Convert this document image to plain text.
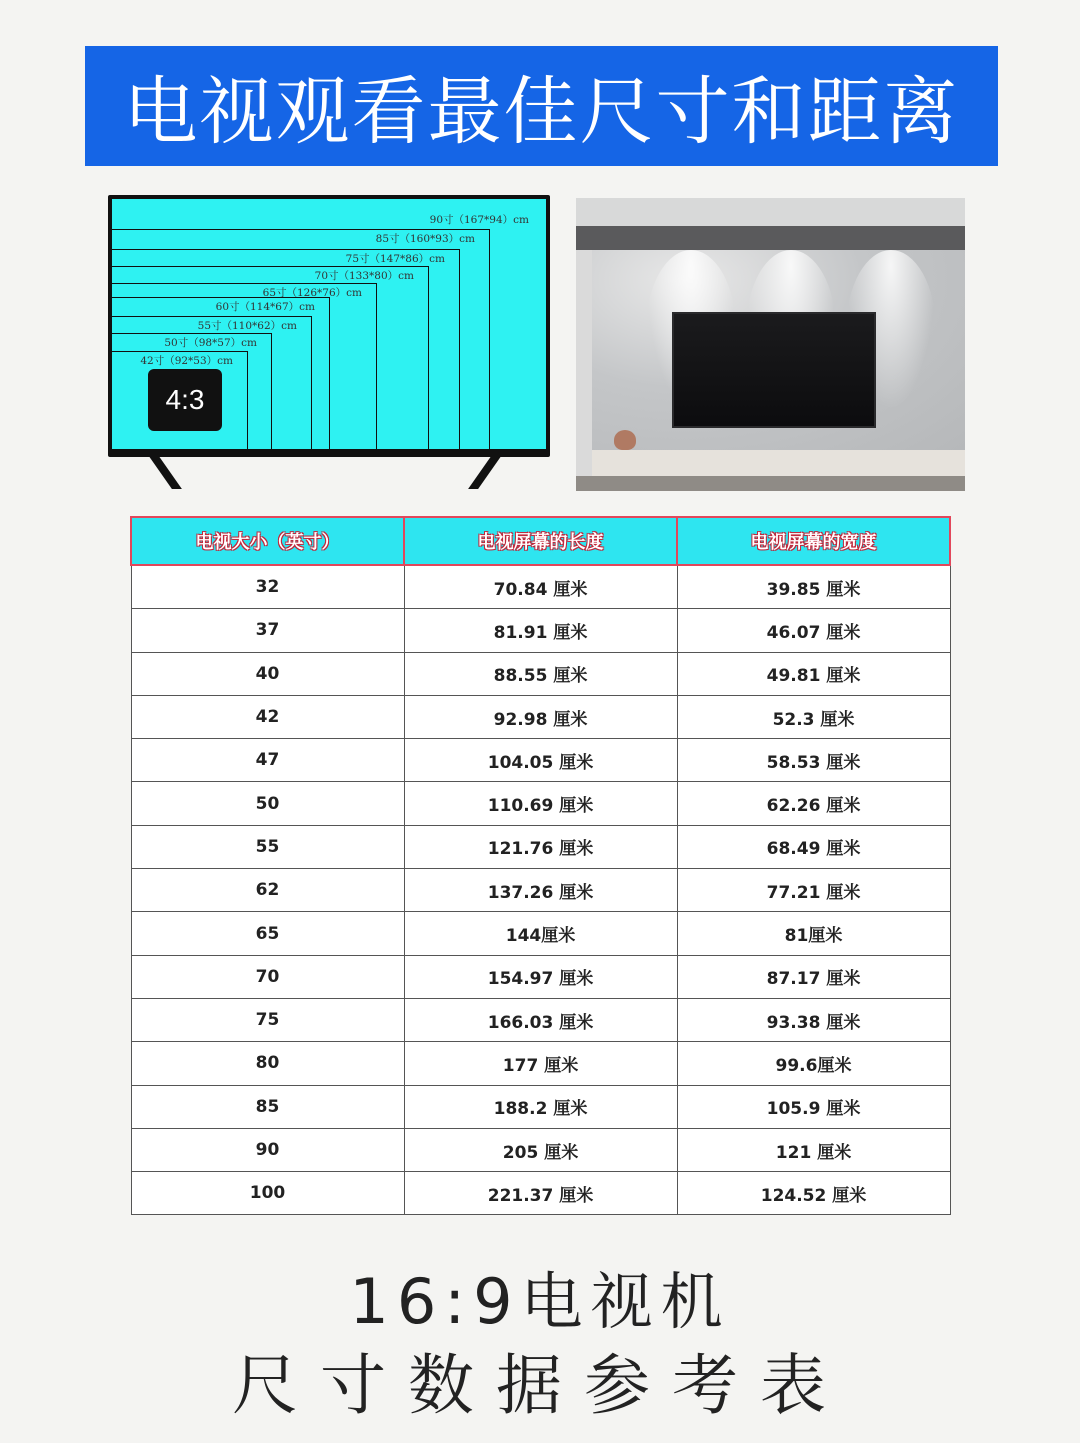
电视观看最佳尺寸和距离
90寸（167*94）cm
85寸（160*93）cm
75寸（147*86）cm
70寸（133*80）cm
65寸（126*76）cm
60寸（114*67）cm
55寸（110*62）cm
50寸（98*57）cm
42寸（92*53）cm
4:3
电视大小（英寸）	电视屏幕的长度	电视屏幕的宽度
32	70.84 厘米	39.85 厘米
37	81.91 厘米	46.07 厘米
40	88.55 厘米	49.81 厘米
42	92.98 厘米	52.3 厘米
47	104.05 厘米	58.53 厘米
50	110.69 厘米	62.26 厘米
55	121.76 厘米	68.49 厘米
62	137.26 厘米	77.21 厘米
65	144厘米	81厘米
70	154.97 厘米	87.17 厘米
75	166.03 厘米	93.38 厘米
80	177 厘米	99.6厘米
85	188.2 厘米	105.9 厘米
90	205 厘米	121 厘米
100	221.37 厘米	124.52 厘米
16:9电视机
尺寸数据参考表
